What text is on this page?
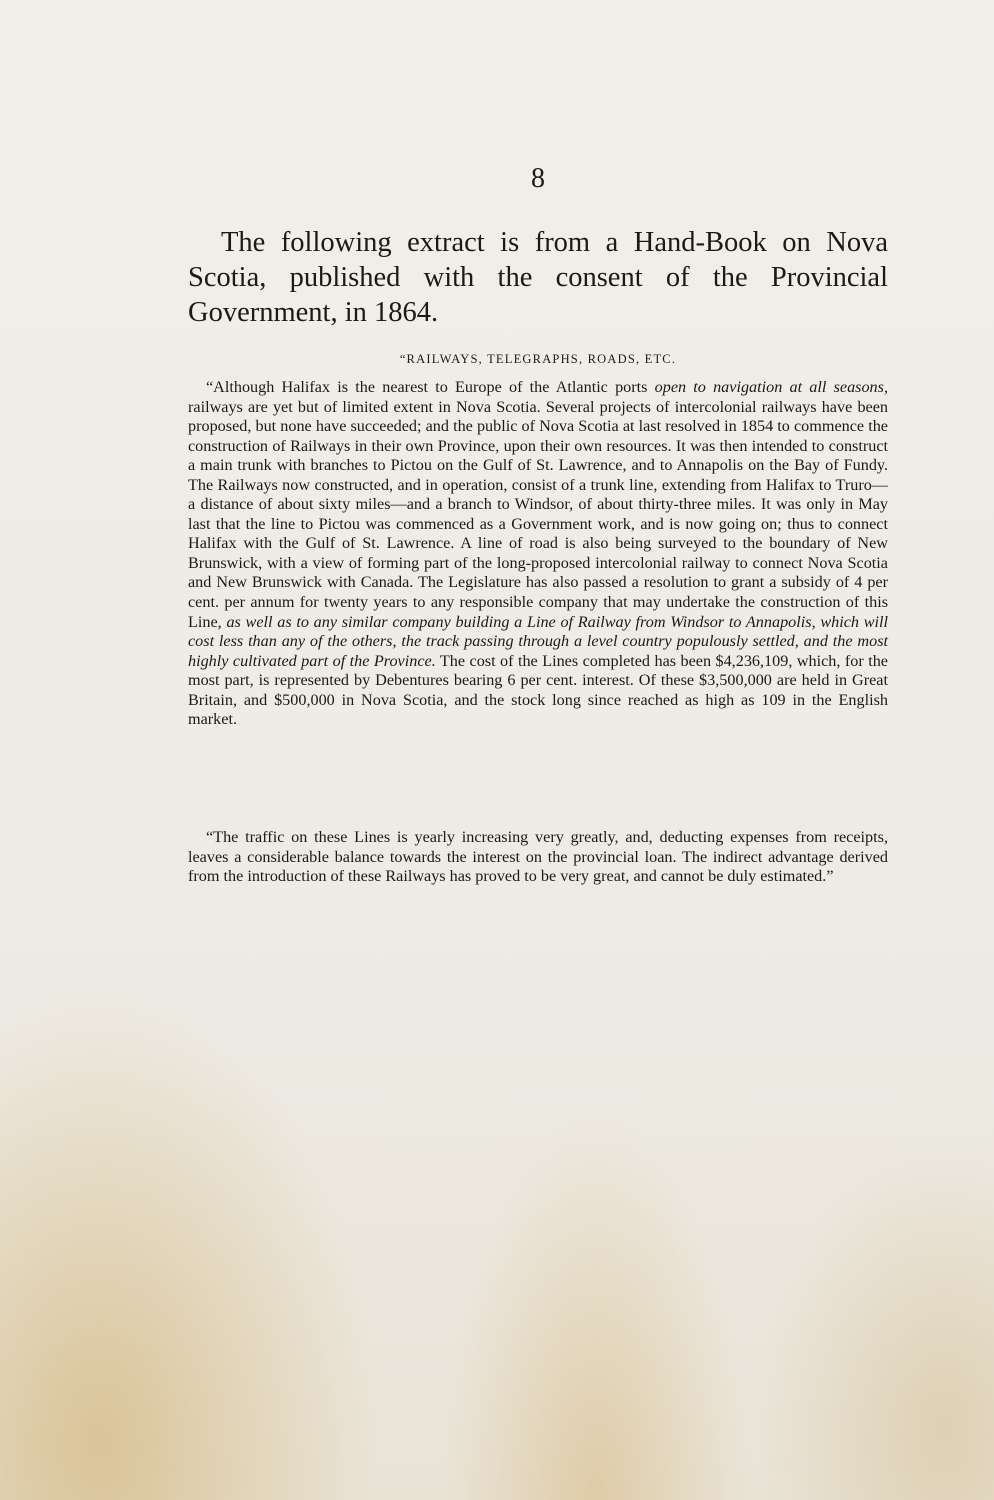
8

The following extract is from a Hand-Book on Nova Scotia, published with the consent of the Provincial Government, in 1864.

“RAILWAYS, TELEGRAPHS, ROADS, ETC.

“Although Halifax is the nearest to Europe of the Atlantic ports open to navigation at all seasons, railways are yet but of limited extent in Nova Scotia. Several projects of intercolonial railways have been proposed, but none have succeeded; and the public of Nova Scotia at last resolved in 1854 to commence the construction of Railways in their own Province, upon their own resources. It was then intended to construct a main trunk with branches to Pictou on the Gulf of St. Lawrence, and to Annapolis on the Bay of Fundy. The Railways now constructed, and in operation, consist of a trunk line, extending from Halifax to Truro—a distance of about sixty miles—and a branch to Windsor, of about thirty-three miles. It was only in May last that the line to Pictou was commenced as a Government work, and is now going on; thus to connect Halifax with the Gulf of St. Lawrence. A line of road is also being surveyed to the boundary of New Brunswick, with a view of forming part of the long-proposed intercolonial railway to connect Nova Scotia and New Brunswick with Canada. The Legislature has also passed a resolution to grant a subsidy of 4 per cent. per annum for twenty years to any responsible company that may undertake the construction of this Line, as well as to any similar company building a Line of Railway from Windsor to Annapolis, which will cost less than any of the others, the track passing through a level country populously settled, and the most highly cultivated part of the Province. The cost of the Lines completed has been $4,236,109, which, for the most part, is represented by Debentures bearing 6 per cent. interest. Of these $3,500,000 are held in Great Britain, and $500,000 in Nova Scotia, and the stock long since reached as high as 109 in the English market.

“The traffic on these Lines is yearly increasing very greatly, and, deducting expenses from receipts, leaves a considerable balance towards the interest on the provincial loan. The indirect advantage derived from the introduction of these Railways has proved to be very great, and cannot be duly estimated.”
